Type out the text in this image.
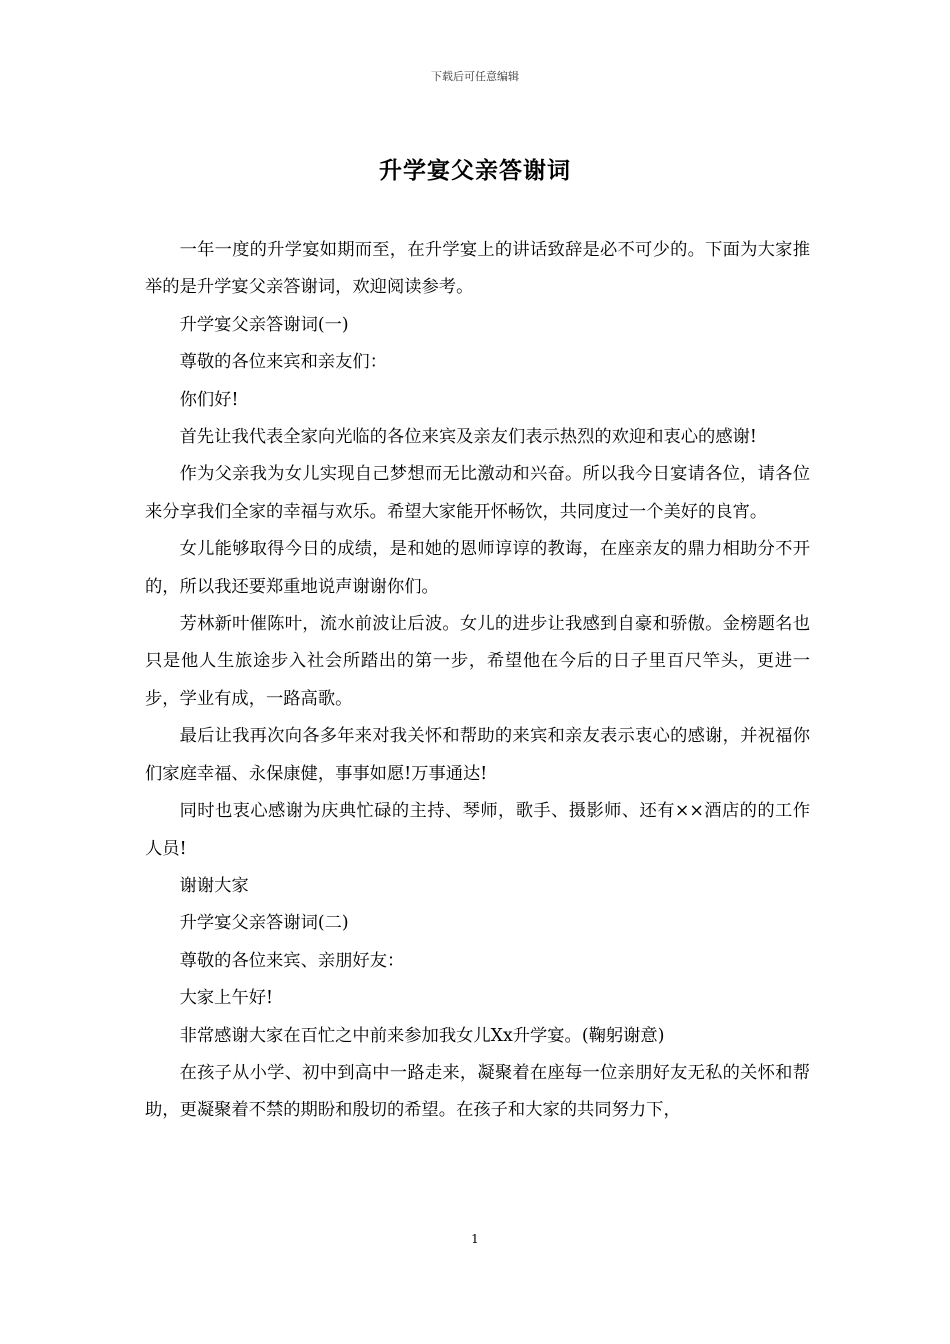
下载后可任意编辑
升学宴父亲答谢词

一年一度的升学宴如期而至，在升学宴上的讲话致辞是必不可少的。下面为大家推举的是升学宴父亲答谢词，欢迎阅读参考。

升学宴父亲答谢词(一)

尊敬的各位来宾和亲友们：

你们好!

首先让我代表全家向光临的各位来宾及亲友们表示热烈的欢迎和衷心的感谢!

作为父亲我为女儿实现自己梦想而无比激动和兴奋。所以我今日宴请各位，请各位来分享我们全家的幸福与欢乐。希望大家能开怀畅饮，共同度过一个美好的良宵。

女儿能够取得今日的成绩，是和她的恩师谆谆的教诲，在座亲友的鼎力相助分不开的，所以我还要郑重地说声谢谢你们。

芳林新叶催陈叶，流水前波让后波。女儿的进步让我感到自豪和骄傲。金榜题名也只是他人生旅途步入社会所踏出的第一步，希望他在今后的日子里百尺竿头，更进一步，学业有成，一路高歌。

最后让我再次向各多年来对我关怀和帮助的来宾和亲友表示衷心的感谢，并祝福你们家庭幸福、永保康健，事事如愿!万事通达!

同时也衷心感谢为庆典忙碌的主持、琴师，歌手、摄影师、还有××酒店的的工作人员!

谢谢大家

升学宴父亲答谢词(二)

尊敬的各位来宾、亲朋好友：

大家上午好!

非常感谢大家在百忙之中前来参加我女儿Xx升学宴。(鞠躬谢意)

在孩子从小学、初中到高中一路走来，凝聚着在座每一位亲朋好友无私的关怀和帮助，更凝聚着不禁的期盼和殷切的希望。在孩子和大家的共同努力下，

1
